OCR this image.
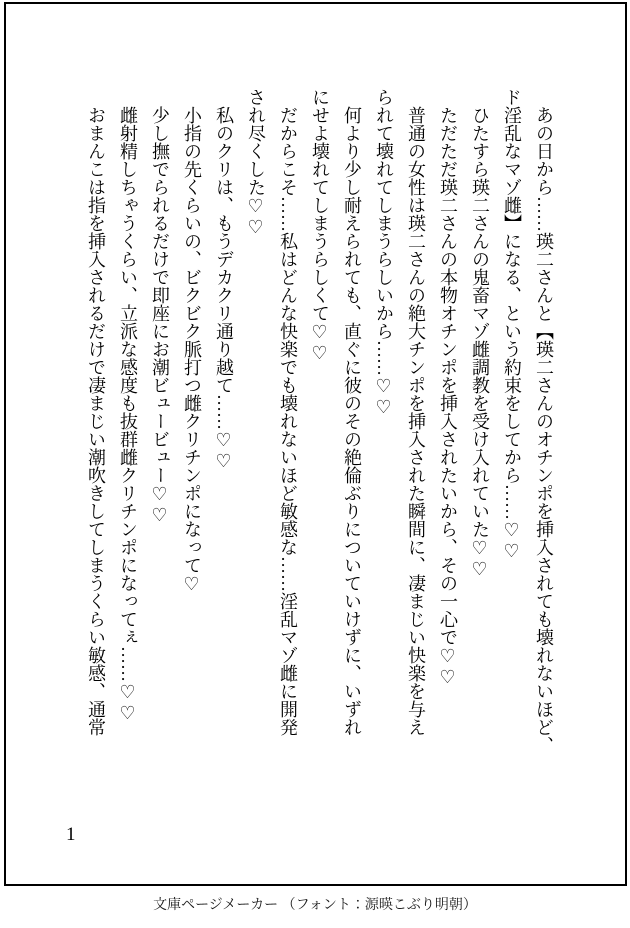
あの日から……瑛二さんと【瑛二さんのオチンポを挿入されても壊れないほど、
ド淫乱なマゾ雌】になる、という約束をしてから……♡♡
ひたすら瑛二さんの鬼畜マゾ雌調教を受け入れていた♡♡
ただただ瑛二さんの本物オチンポを挿入されたいから、その一心で♡♡
普通の女性は瑛二さんの絶大チンポを挿入された瞬間に、凄まじい快楽を与え
られて壊れてしまうらしいから……♡♡
何より少し耐えられても、直ぐに彼のその絶倫ぶりについていけずに、いずれ
にせよ壊れてしまうらしくて♡♡
だからこそ……私はどんな快楽でも壊れないほど敏感な……淫乱マゾ雌に開発
され尽くした♡♡
私のクリは、もうデカクリ通り越て……♡♡
小指の先くらいの、ビクビク脈打つ雌クリチンポになって♡
少し撫でられるだけで即座にお潮ビュービュー♡♡
雌射精しちゃうくらい、立派な感度も抜群雌クリチンポになってぇ……♡♡
おまんこは指を挿入されるだけで凄まじい潮吹きしてしまうくらい敏感、通常
1
文庫ページメーカー （フォント：源暎こぶり明朝）
